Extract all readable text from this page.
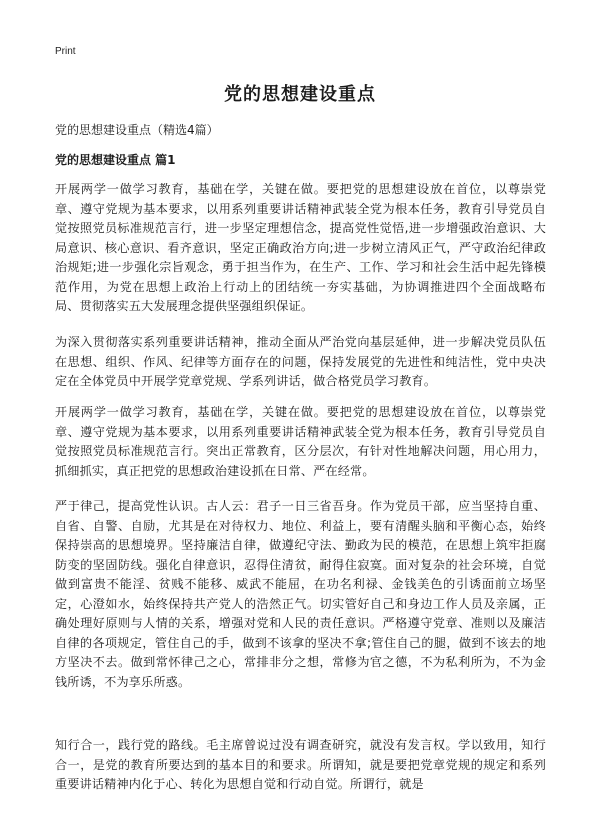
Print
党的思想建设重点
党的思想建设重点（精选4篇）
党的思想建设重点 篇1
开展两学一做学习教育，基础在学，关键在做。要把党的思想建设放在首位，以尊崇党章、遵守党规为基本要求，以用系列重要讲话精神武装全党为根本任务，教育引导党员自觉按照党员标准规范言行，进一步坚定理想信念，提高党性觉悟,进一步增强政治意识、大局意识、核心意识、看齐意识，坚定正确政治方向;进一步树立清风正气，严守政治纪律政治规矩;进一步强化宗旨观念，勇于担当作为，在生产、工作、学习和社会生活中起先锋模范作用，为党在思想上政治上行动上的团结统一夯实基础，为协调推进四个全面战略布局、贯彻落实五大发展理念提供坚强组织保证。
为深入贯彻落实系列重要讲话精神，推动全面从严治党向基层延伸，进一步解决党员队伍在思想、组织、作风、纪律等方面存在的问题，保持发展党的先进性和纯洁性，党中央决定在全体党员中开展学党章党规、学系列讲话，做合格党员学习教育。
开展两学一做学习教育，基础在学，关键在做。要把党的思想建设放在首位，以尊崇党章、遵守党规为基本要求，以用系列重要讲话精神武装全党为根本任务，教育引导党员自觉按照党员标准规范言行。突出正常教育，区分层次，有针对性地解决问题，用心用力，抓细抓实，真正把党的思想政治建设抓在日常、严在经常。
严于律己，提高党性认识。古人云：君子一日三省吾身。作为党员干部，应当坚持自重、自省、自警、自励，尤其是在对待权力、地位、利益上，要有清醒头脑和平衡心态，始终保持崇高的思想境界。坚持廉洁自律，做遵纪守法、勤政为民的模范，在思想上筑牢拒腐防变的坚固防线。强化自律意识，忍得住清贫，耐得住寂寞。面对复杂的社会环境，自觉做到富贵不能淫、贫贱不能移、威武不能屈，在功名利禄、金钱美色的引诱面前立场坚定，心澄如水，始终保持共产党人的浩然正气。切实管好自己和身边工作人员及亲属，正确处理好原则与人情的关系，增强对党和人民的责任意识。严格遵守党章、准则以及廉洁自律的各项规定，管住自己的手，做到不该拿的坚决不拿;管住自己的腿，做到不该去的地方坚决不去。做到常怀律己之心，常排非分之想，常修为官之德，不为私利所为，不为金钱所诱，不为享乐所惑。
知行合一，践行党的路线。毛主席曾说过没有调查研究，就没有发言权。学以致用，知行合一，是党的教育所要达到的基本目的和要求。所谓知，就是要把党章党规的规定和系列重要讲话精神内化于心、转化为思想自觉和行动自觉。所谓行，就是
